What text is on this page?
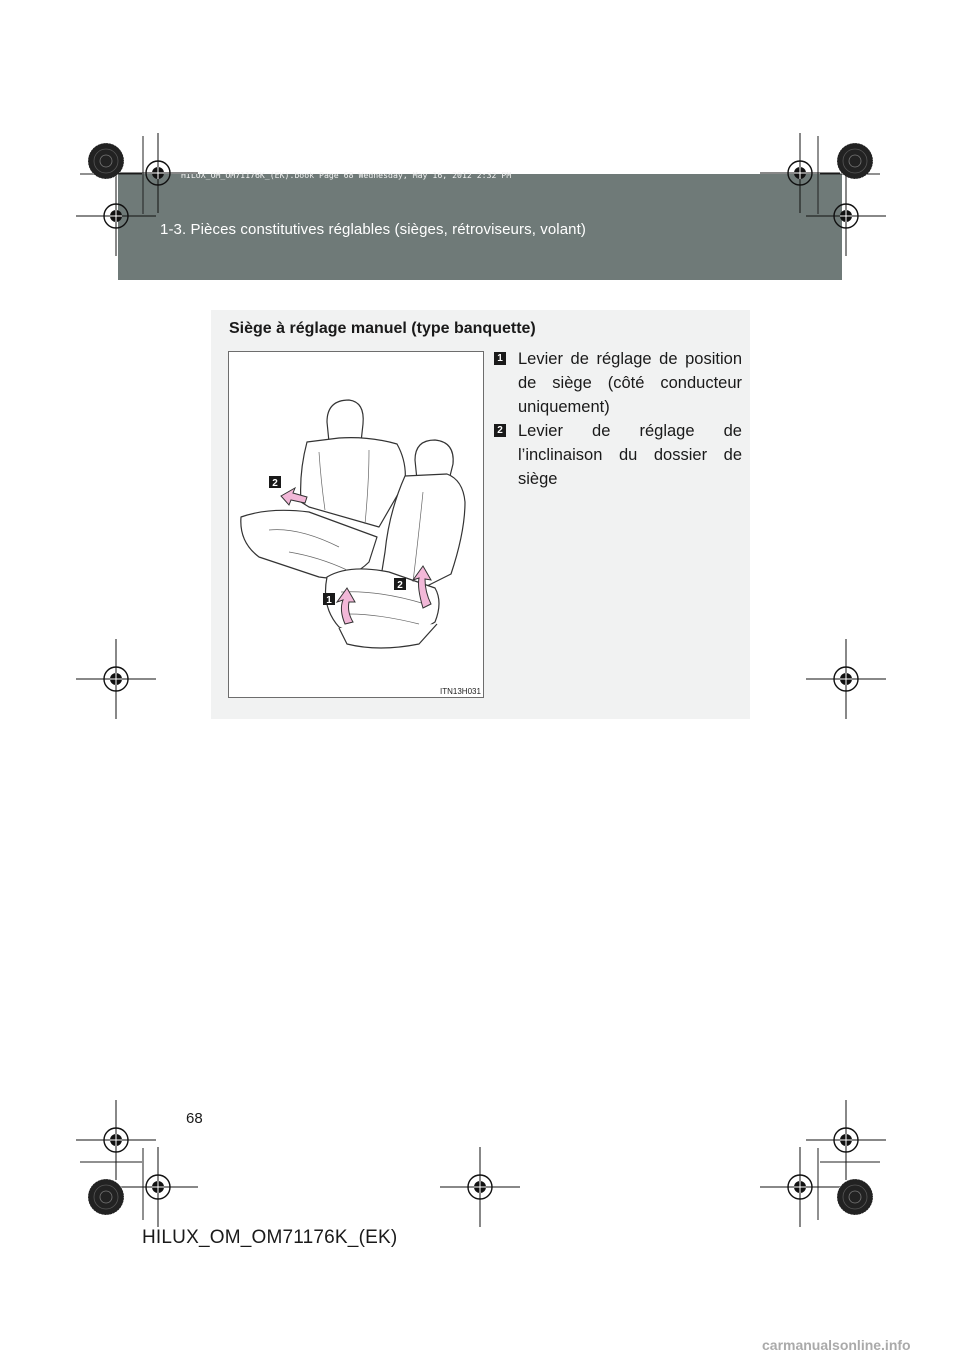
HILUX_OM_OM71176K_(EK).book Page 68 Wednesday, May 16, 2012 2:32 PM
1-3. Pièces constitutives réglables (sièges, rétroviseurs, volant)
Siège à réglage manuel (type banquette)
2
2
1
ITN13H031
1 Levier de réglage de position de siège (côté conducteur uniquement)
2 Levier de réglage de l’inclinaison du dossier de siège
68
HILUX_OM_OM71176K_(EK)
carmanualsonline.info
